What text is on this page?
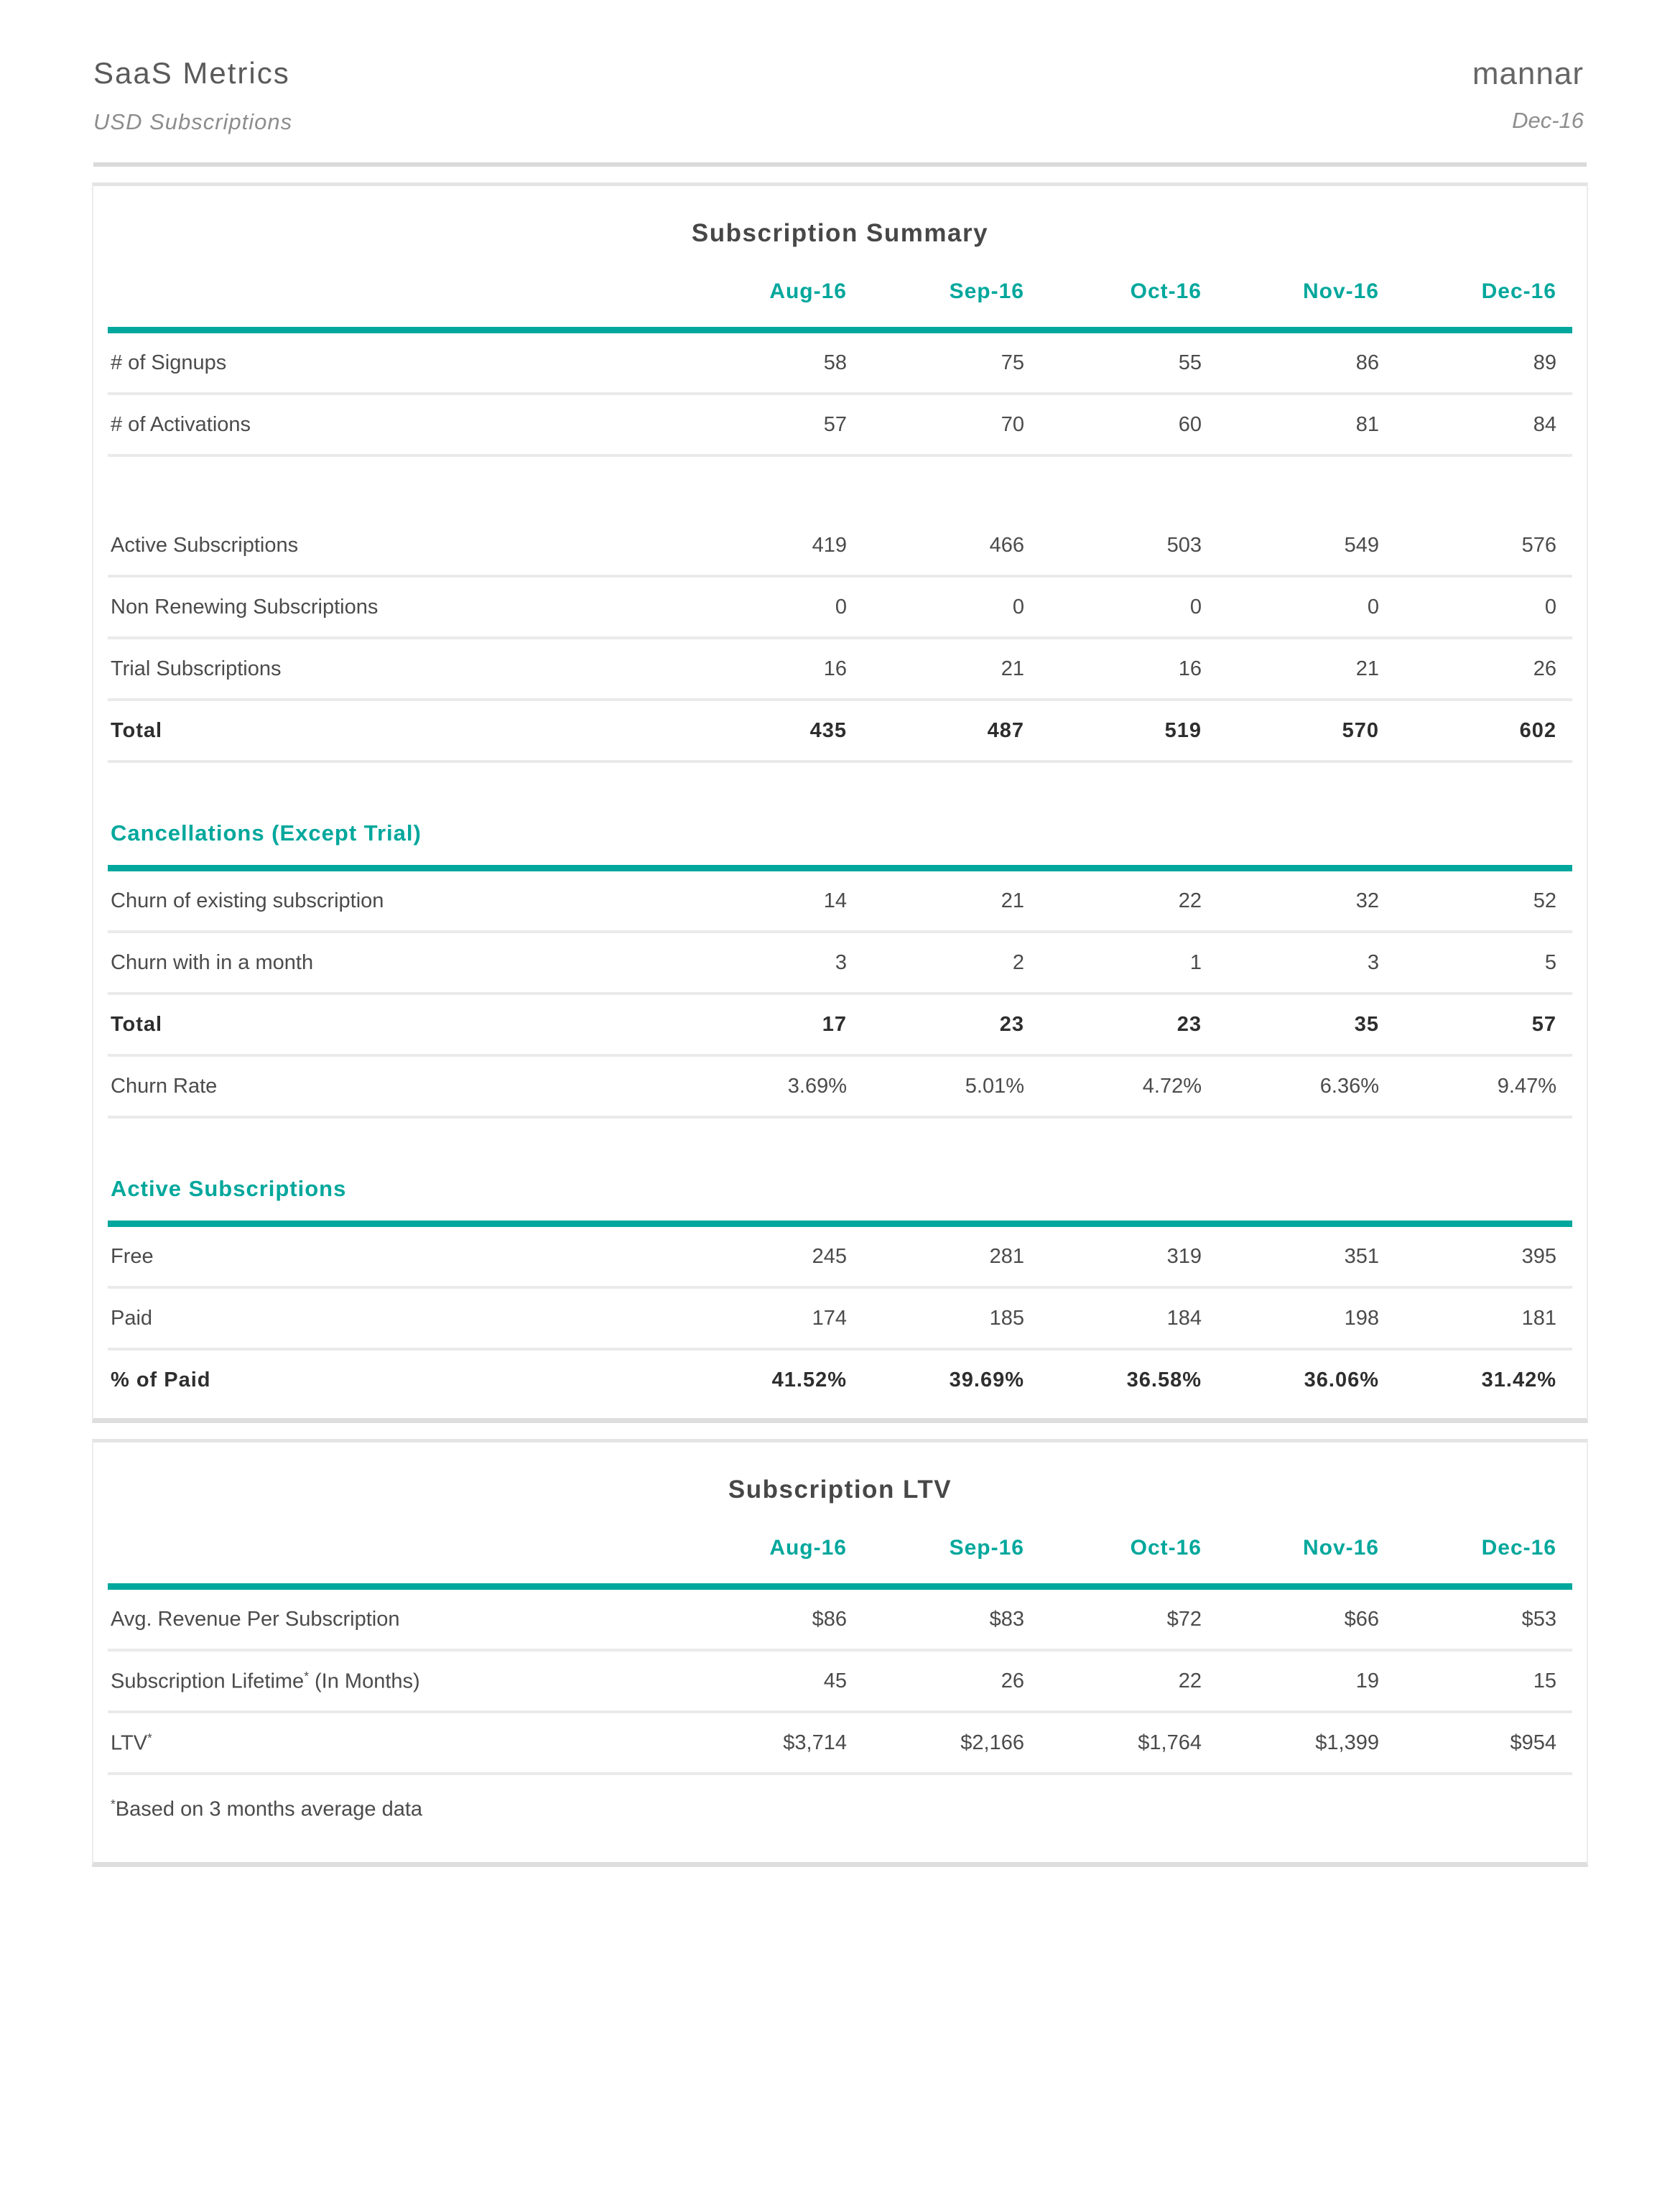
SaaS Metrics
USD Subscriptions
mannar
Dec-16
Subscription Summary
Aug-16	Sep-16	Oct-16	Nov-16	Dec-16
# of Signups	58	75	55	86	89
# of Activations	57	70	60	81	84
Active Subscriptions	419	466	503	549	576
Non Renewing Subscriptions	0	0	0	0	0
Trial Subscriptions	16	21	16	21	26
Total	435	487	519	570	602
Cancellations (Except Trial)
Churn of existing subscription	14	21	22	32	52
Churn with in a month	3	2	1	3	5
Total	17	23	23	35	57
Churn Rate	3.69%	5.01%	4.72%	6.36%	9.47%
Active Subscriptions
Free	245	281	319	351	395
Paid	174	185	184	198	181
% of Paid	41.52%	39.69%	36.58%	36.06%	31.42%
Subscription LTV
Aug-16	Sep-16	Oct-16	Nov-16	Dec-16
Avg. Revenue Per Subscription	$86	$83	$72	$66	$53
Subscription Lifetime* (In Months)	45	26	22	19	15
LTV*	$3,714	$2,166	$1,764	$1,399	$954
*Based on 3 months average data
